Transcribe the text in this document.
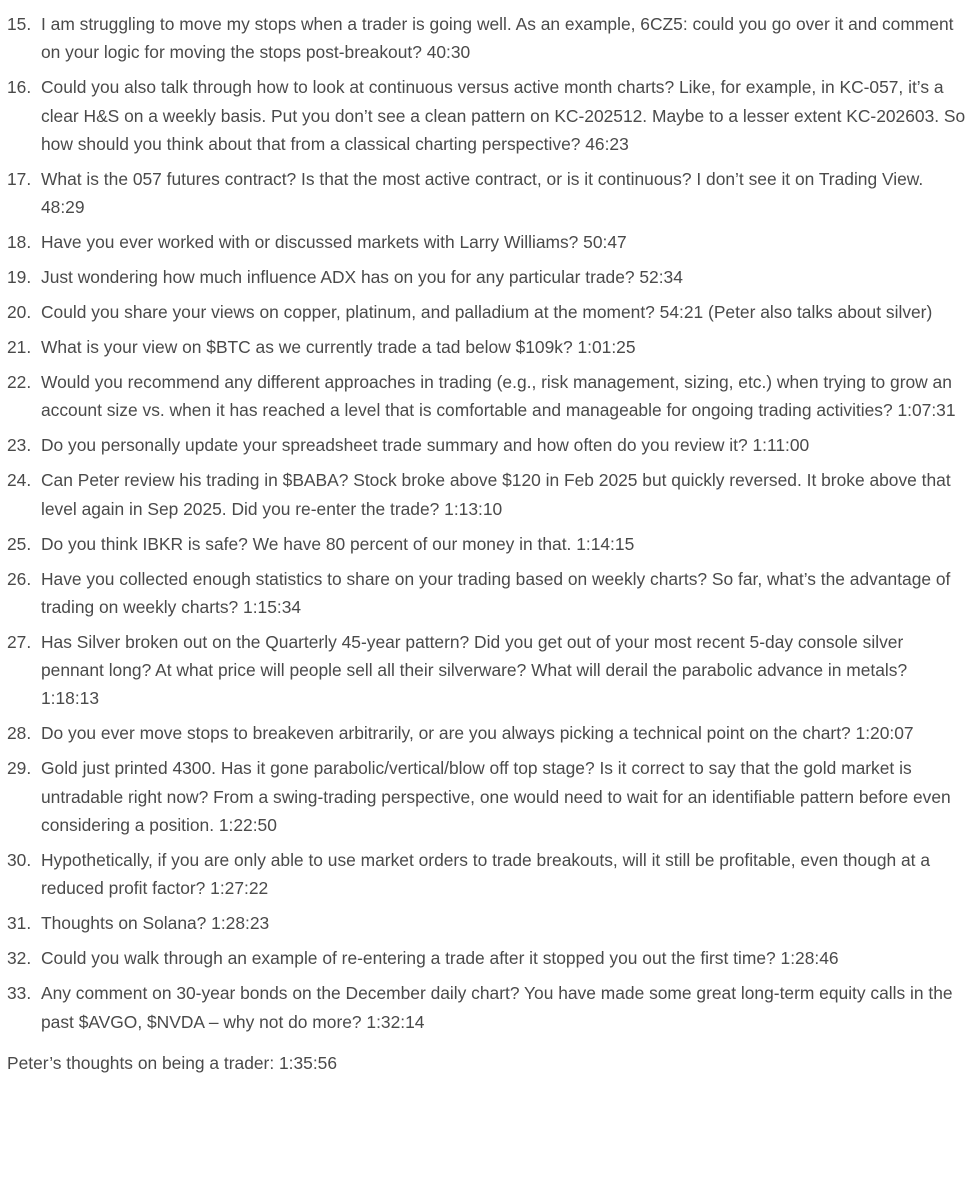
15. I am struggling to move my stops when a trader is going well. As an example, 6CZ5: could you go over it and comment on your logic for moving the stops post-breakout? 40:30
16. Could you also talk through how to look at continuous versus active month charts? Like, for example, in KC-057, it’s a clear H&S on a weekly basis. Put you don’t see a clean pattern on KC-202512. Maybe to a lesser extent KC-202603. So how should you think about that from a classical charting perspective? 46:23
17. What is the 057 futures contract? Is that the most active contract, or is it continuous? I don’t see it on Trading View. 48:29
18. Have you ever worked with or discussed markets with Larry Williams? 50:47
19. Just wondering how much influence ADX has on you for any particular trade? 52:34
20. Could you share your views on copper, platinum, and palladium at the moment? 54:21 (Peter also talks about silver)
21. What is your view on $BTC as we currently trade a tad below $109k? 1:01:25
22. Would you recommend any different approaches in trading (e.g., risk management, sizing, etc.) when trying to grow an account size vs. when it has reached a level that is comfortable and manageable for ongoing trading activities? 1:07:31
23. Do you personally update your spreadsheet trade summary and how often do you review it? 1:11:00
24. Can Peter review his trading in $BABA? Stock broke above $120 in Feb 2025 but quickly reversed. It broke above that level again in Sep 2025. Did you re-enter the trade? 1:13:10
25. Do you think IBKR is safe? We have 80 percent of our money in that. 1:14:15
26. Have you collected enough statistics to share on your trading based on weekly charts? So far, what’s the advantage of trading on weekly charts? 1:15:34
27. Has Silver broken out on the Quarterly 45-year pattern? Did you get out of your most recent 5-day console silver pennant long? At what price will people sell all their silverware? What will derail the parabolic advance in metals? 1:18:13
28. Do you ever move stops to breakeven arbitrarily, or are you always picking a technical point on the chart? 1:20:07
29. Gold just printed 4300. Has it gone parabolic/vertical/blow off top stage? Is it correct to say that the gold market is untradable right now? From a swing-trading perspective, one would need to wait for an identifiable pattern before even considering a position. 1:22:50
30. Hypothetically, if you are only able to use market orders to trade breakouts, will it still be profitable, even though at a reduced profit factor? 1:27:22
31. Thoughts on Solana? 1:28:23
32. Could you walk through an example of re-entering a trade after it stopped you out the first time? 1:28:46
33. Any comment on 30-year bonds on the December daily chart? You have made some great long-term equity calls in the past $AVGO, $NVDA – why not do more? 1:32:14

Peter’s thoughts on being a trader: 1:35:56
